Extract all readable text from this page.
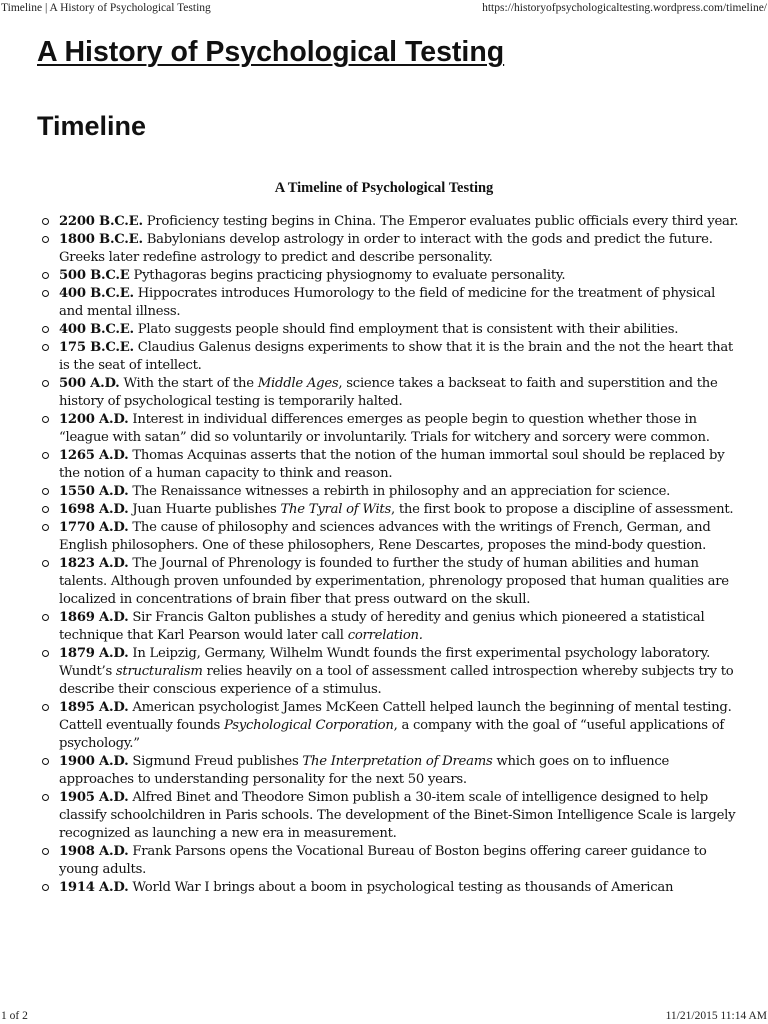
Timeline | A History of Psychological Testing	https://historyofpsychologicaltesting.wordpress.com/timeline/
A History of Psychological Testing
Timeline
A Timeline of Psychological Testing
2200 B.C.E. Proficiency testing begins in China. The Emperor evaluates public officials every third year.
1800 B.C.E. Babylonians develop astrology in order to interact with the gods and predict the future. Greeks later redefine astrology to predict and describe personality.
500 B.C.E Pythagoras begins practicing physiognomy to evaluate personality.
400 B.C.E. Hippocrates introduces Humorology to the field of medicine for the treatment of physical and mental illness.
400 B.C.E. Plato suggests people should find employment that is consistent with their abilities.
175 B.C.E. Claudius Galenus designs experiments to show that it is the brain and the not the heart that is the seat of intellect.
500 A.D. With the start of the Middle Ages, science takes a backseat to faith and superstition and the history of psychological testing is temporarily halted.
1200 A.D. Interest in individual differences emerges as people begin to question whether those in “league with satan” did so voluntarily or involuntarily. Trials for witchery and sorcery were common.
1265 A.D. Thomas Acquinas asserts that the notion of the human immortal soul should be replaced by the notion of a human capacity to think and reason.
1550 A.D. The Renaissance witnesses a rebirth in philosophy and an appreciation for science.
1698 A.D. Juan Huarte publishes The Tyral of Wits, the first book to propose a discipline of assessment.
1770 A.D. The cause of philosophy and sciences advances with the writings of French, German, and English philosophers. One of these philosophers, Rene Descartes, proposes the mind-body question.
1823 A.D. The Journal of Phrenology is founded to further the study of human abilities and human talents. Although proven unfounded by experimentation, phrenology proposed that human qualities are localized in concentrations of brain fiber that press outward on the skull.
1869 A.D. Sir Francis Galton publishes a study of heredity and genius which pioneered a statistical technique that Karl Pearson would later call correlation.
1879 A.D. In Leipzig, Germany, Wilhelm Wundt founds the first experimental psychology laboratory. Wundt’s structuralism relies heavily on a tool of assessment called introspection whereby subjects try to describe their conscious experience of a stimulus.
1895 A.D. American psychologist James McKeen Cattell helped launch the beginning of mental testing. Cattell eventually founds Psychological Corporation, a company with the goal of “useful applications of psychology.”
1900 A.D. Sigmund Freud publishes The Interpretation of Dreams which goes on to influence approaches to understanding personality for the next 50 years.
1905 A.D. Alfred Binet and Theodore Simon publish a 30-item scale of intelligence designed to help classify schoolchildren in Paris schools. The development of the Binet-Simon Intelligence Scale is largely recognized as launching a new era in measurement.
1908 A.D. Frank Parsons opens the Vocational Bureau of Boston begins offering career guidance to young adults.
1914 A.D. World War I brings about a boom in psychological testing as thousands of American
1 of 2	11/21/2015 11:14 AM
